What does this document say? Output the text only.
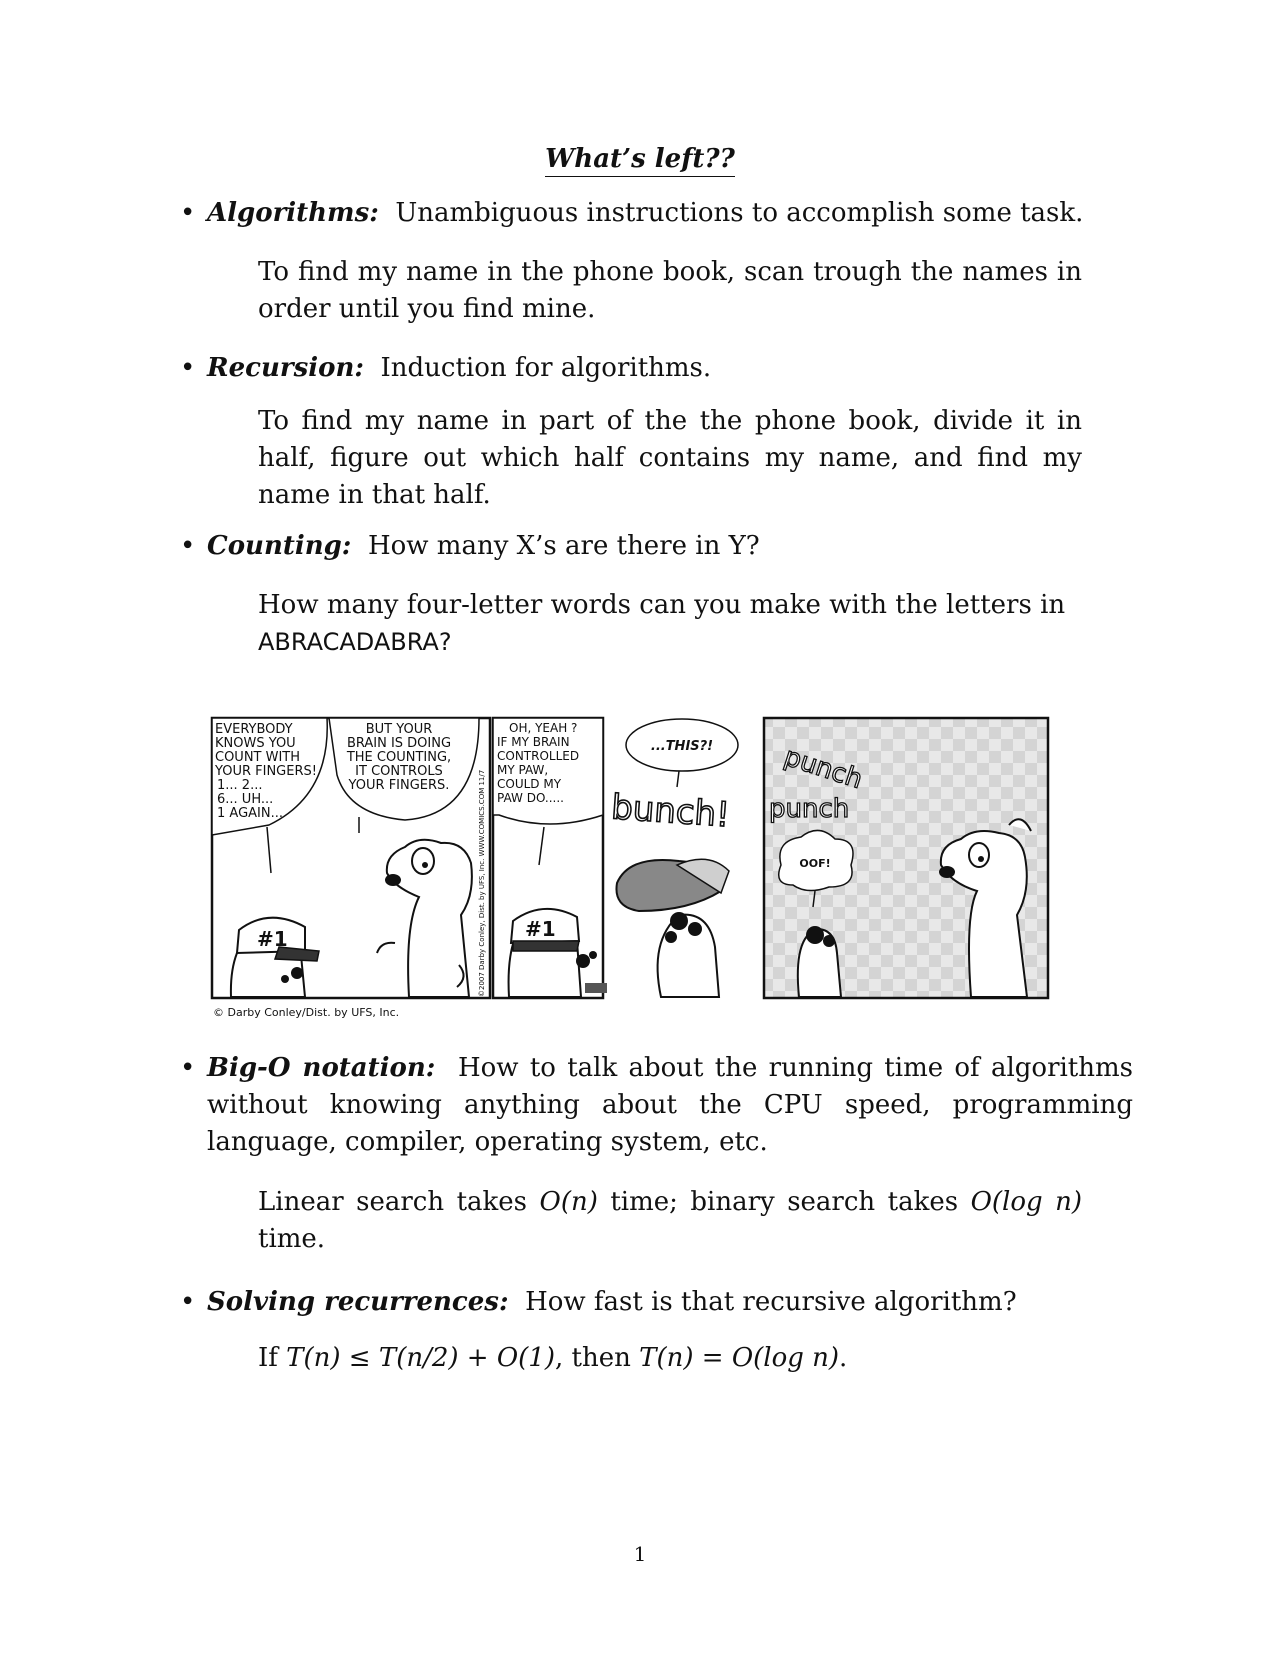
What’s left??
• Algorithms: Unambiguous instructions to accomplish some task.
To find my name in the phone book, scan trough the names in order until you find mine.
• Recursion: Induction for algorithms.
To find my name in part of the the phone book, divide it in half, figure out which half contains my name, and find my name in that half.
• Counting: How many X’s are there in Y?
How many four-letter words can you make with the letters in
ABRACADABRA?
EVERYBODY
KNOWS YOU
COUNT WITH
YOUR FINGERS!
1... 2...
6... UH...
1 AGAIN...
BUT YOUR
BRAIN IS DOING
THE COUNTING,
IT CONTROLS
YOUR FINGERS.
#1	©2007 Darby Conley, Dist. by UFS, Inc. WWW.COMICS.COM 11/7
OH, YEAH ?
IF MY BRAIN
CONTROLLED
MY PAW,
COULD MY
PAW DO.....
#1
...THIS?!
bunch!
punch
punch
OOF!
© Darby Conley/Dist. by UFS, Inc.
• Big-O notation: How to talk about the running time of algorithms without knowing anything about the CPU speed, programming language, compiler, operating system, etc.
Linear search takes O(n) time; binary search takes O(log n) time.
• Solving recurrences: How fast is that recursive algorithm?
If T(n) ≤ T(n/2) + O(1), then T(n) = O(log n).
1
